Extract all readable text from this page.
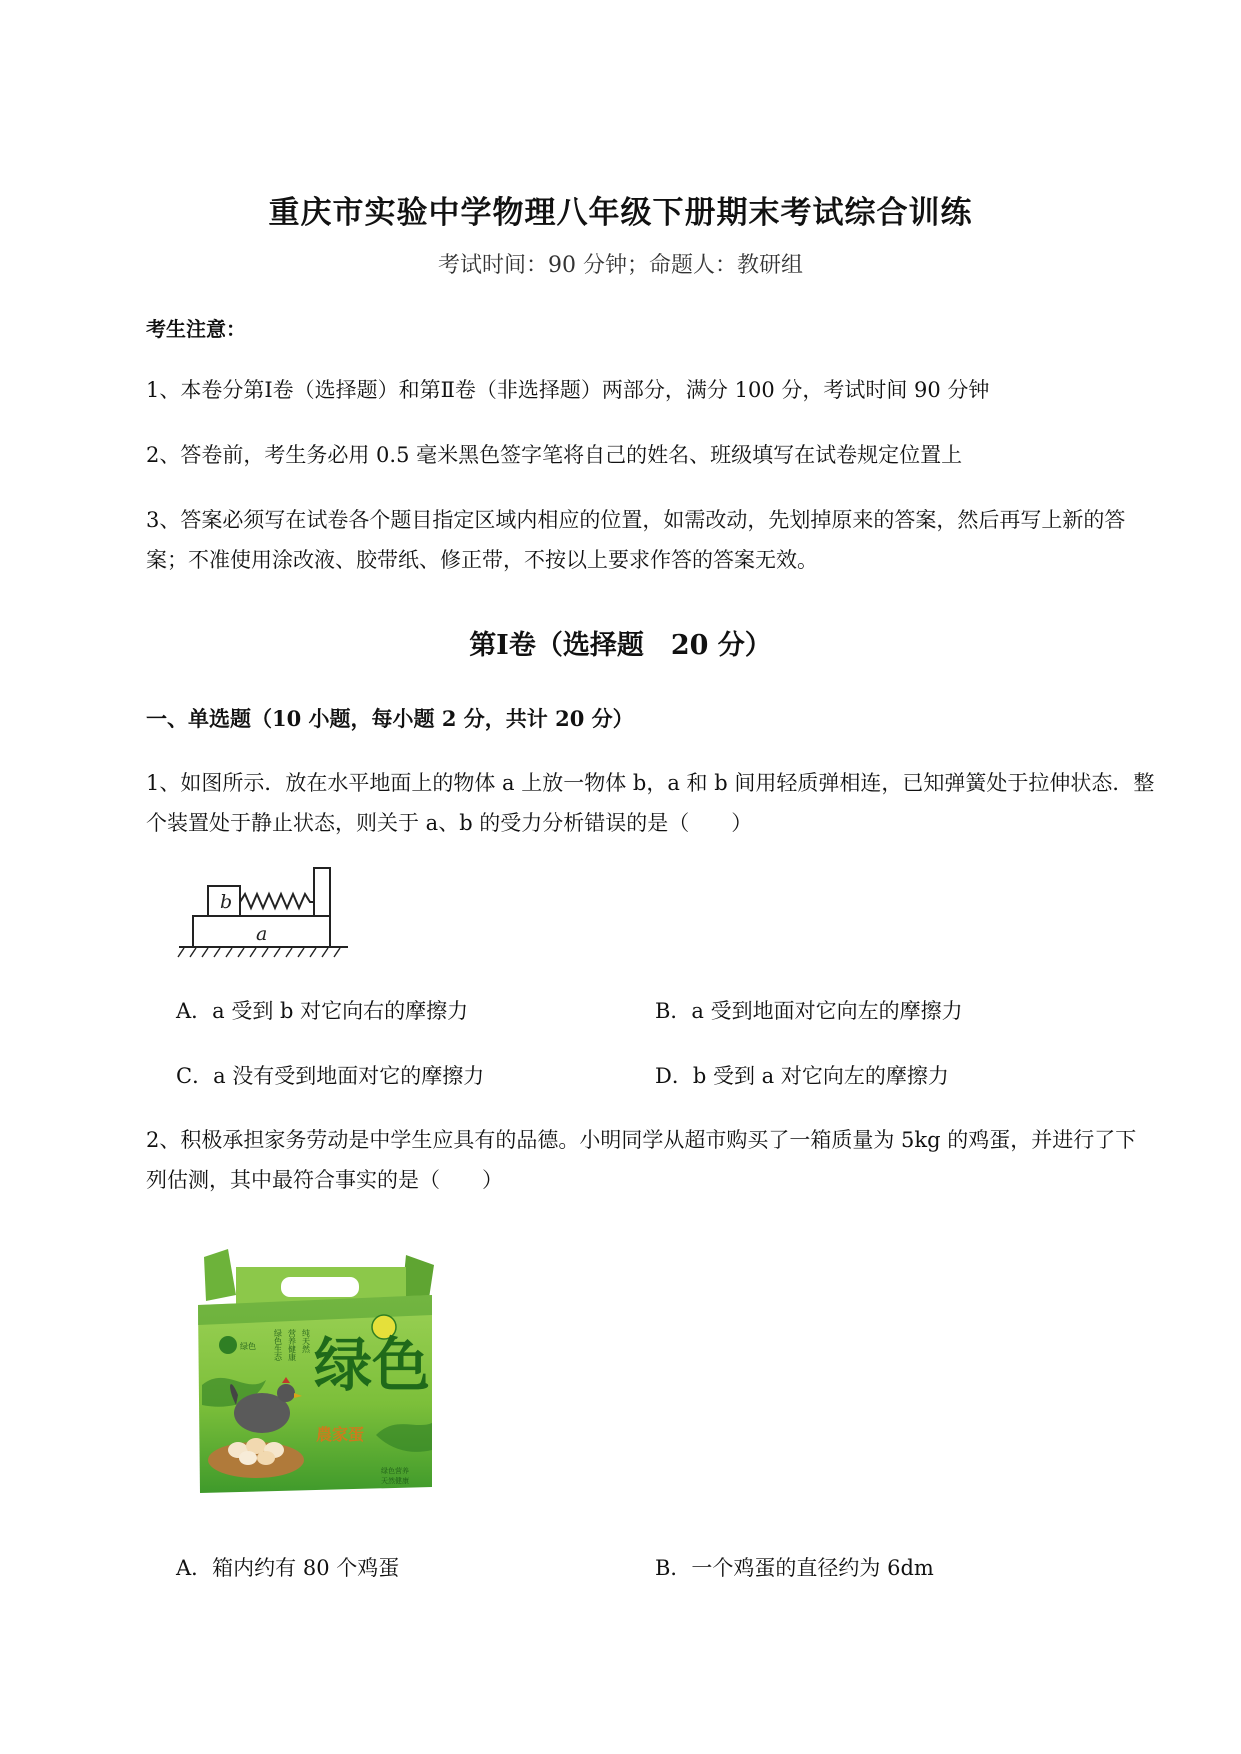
重庆市实验中学物理八年级下册期末考试综合训练
考试时间：90 分钟；命题人：教研组
考生注意：
1、本卷分第Ⅰ卷（选择题）和第Ⅱ卷（非选择题）两部分，满分 100 分，考试时间 90 分钟
2、答卷前，考生务必用 0.5 毫米黑色签字笔将自己的姓名、班级填写在试卷规定位置上
3、答案必须写在试卷各个题目指定区域内相应的位置，如需改动，先划掉原来的答案，然后再写上新的答案；不准使用涂改液、胶带纸、修正带，不按以上要求作答的答案无效。
第Ⅰ卷（选择题　20 分）
一、单选题（10 小题，每小题 2 分，共计 20 分）
1、如图所示．放在水平地面上的物体 a 上放一物体 b，a 和 b 间用轻质弹相连，已知弹簧处于拉伸状态．整个装置处于静止状态，则关于 a、b 的受力分析错误的是（　　）
b
a
A．a 受到 b 对它向右的摩擦力	B．a 受到地面对它向左的摩擦力
C．a 没有受到地面对它的摩擦力	D．b 受到 a 对它向左的摩擦力
2、积极承担家务劳动是中学生应具有的品德。小明同学从超市购买了一箱质量为 5kg 的鸡蛋，并进行了下列估测，其中最符合事实的是（　　）
绿色 绿色生态 营养健康 纯天然 绿色
農家蛋
绿色营养
天然健康
A．箱内约有 80 个鸡蛋	B．一个鸡蛋的直径约为 6dm
